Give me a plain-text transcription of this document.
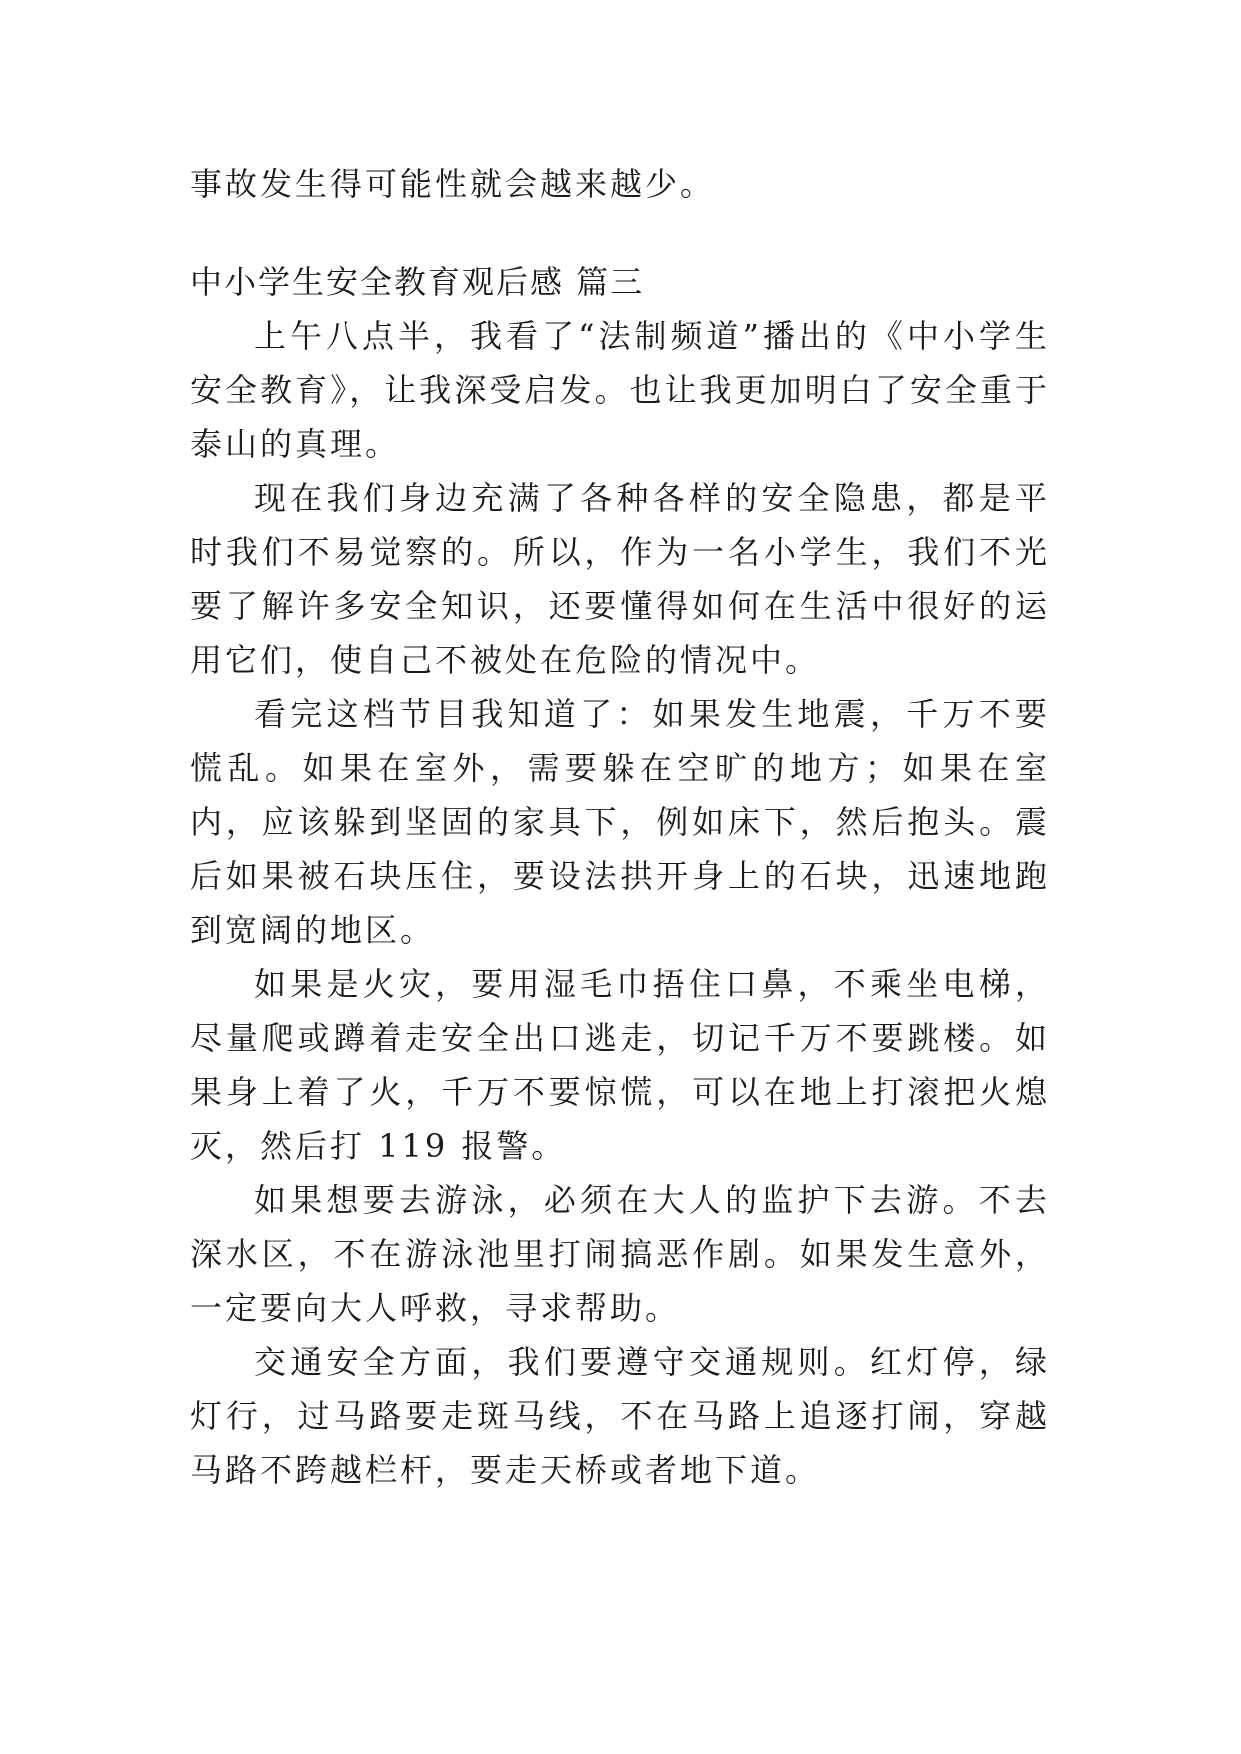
事故发生得可能性就会越来越少。

中小学生安全教育观后感 篇三

上午八点半，我看了“法制频道”播出的《中小学生安全教育》，让我深受启发。也让我更加明白了安全重于泰山的真理。

现在我们身边充满了各种各样的安全隐患，都是平时我们不易觉察的。所以，作为一名小学生，我们不光要了解许多安全知识，还要懂得如何在生活中很好的运用它们，使自己不被处在危险的情况中。

看完这档节目我知道了：如果发生地震，千万不要慌乱。如果在室外，需要躲在空旷的地方；如果在室内，应该躲到坚固的家具下，例如床下，然后抱头。震后如果被石块压住，要设法拱开身上的石块，迅速地跑到宽阔的地区。

如果是火灾，要用湿毛巾捂住口鼻，不乘坐电梯，尽量爬或蹲着走安全出口逃走，切记千万不要跳楼。如果身上着了火，千万不要惊慌，可以在地上打滚把火熄灭，然后打 119 报警。

如果想要去游泳，必须在大人的监护下去游。不去深水区，不在游泳池里打闹搞恶作剧。如果发生意外，一定要向大人呼救，寻求帮助。

交通安全方面，我们要遵守交通规则。红灯停，绿灯行，过马路要走斑马线，不在马路上追逐打闹，穿越马路不跨越栏杆，要走天桥或者地下道。
